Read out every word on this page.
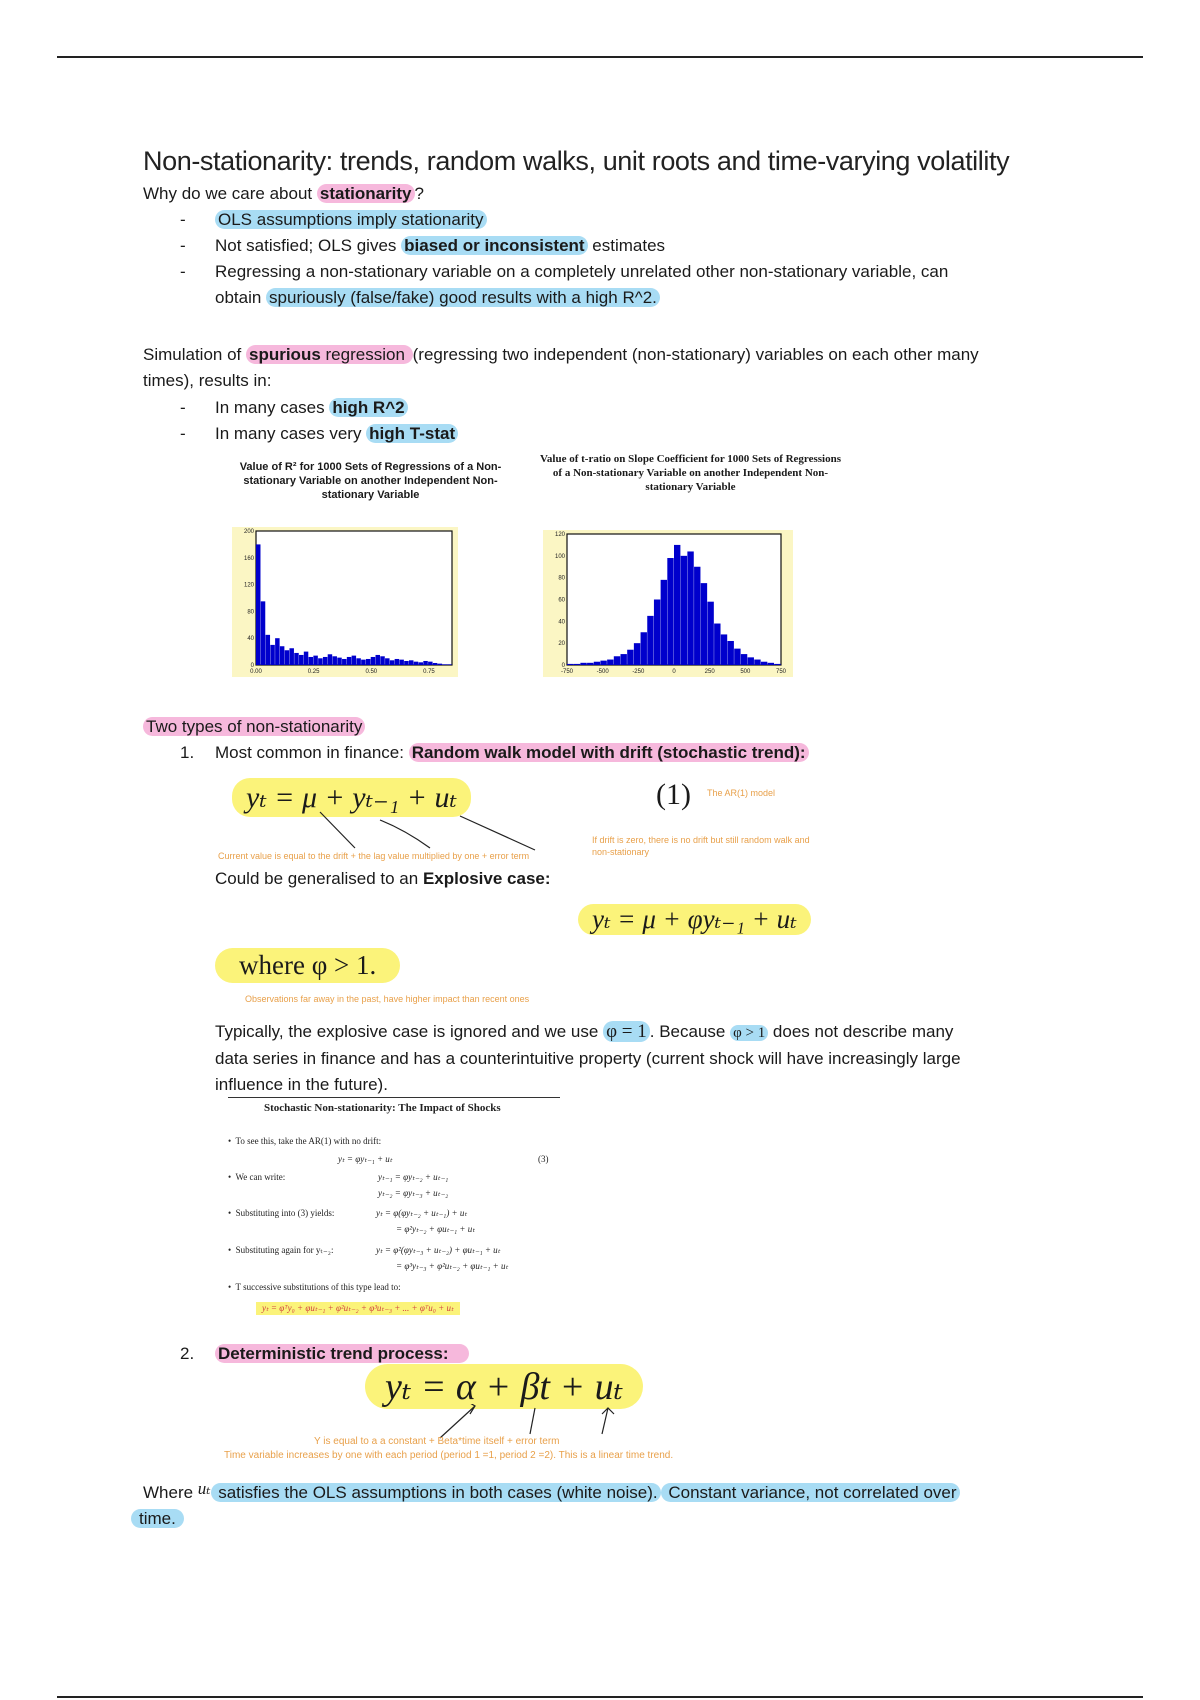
Non-stationarity: trends, random walks, unit roots and time-varying volatility
Why do we care about stationarity ?
- OLS assumptions imply stationarity
- Not satisfied; OLS gives biased or inconsistent estimates
- Regressing a non-stationary variable on a completely unrelated other non-stationary variable, can
obtain spuriously (false/fake) good results with a high R^2.
Simulation of spurious regression (regressing two independent (non-stationary) variables on each other many
times), results in:
- In many cases high R^2
- In many cases very high T-stat
Value of R² for 1000 Sets of Regressions of a Non-stationary Variable on another Independent Non-stationary Variable
Value of t-ratio on Slope Coefficient for 1000 Sets of Regressions of a Non-stationary Variable on another Independent Non-stationary Variable
0
40
80
120
160
200
0.00	0.25	0.50	0.75
0
20
40
60
80
100
120
-750	-500	-250	0	250	500	750
Two types of non-stationarity
1. Most common in finance: Random walk model with drift (stochastic trend):
yₜ = μ + yₜ₋₁ + uₜ	(1) The AR(1) model
Current value is equal to the drift + the lag value multiplied by one + error term
If drift is zero, there is no drift but still random walk and non-stationary
Could be generalised to an Explosive case:
yₜ = μ + φyₜ₋₁ + uₜ
where φ > 1.
Observations far away in the past, have higher impact than recent ones
Typically, the explosive case is ignored and we use φ = 1 . Because φ > 1 does not describe many
data series in finance and has a counterintuitive property (current shock will have increasingly large
influence in the future).
Stochastic Non-stationarity: The Impact of Shocks
•  To see this, take the AR(1) with no drift:
yₜ = φyₜ₋₁ + uₜ	(3)
•  We can write:	yₜ₋₁ = φyₜ₋₂ + uₜ₋₁
yₜ₋₂ = φyₜ₋₃ + uₜ₋₂
•  Substituting into (3) yields:	yₜ = φ(φyₜ₋₂ + uₜ₋₁) + uₜ
= φ²yₜ₋₂ + φuₜ₋₁ + uₜ
•  Substituting again for yₜ₋₂:	yₜ = φ²(φyₜ₋₃ + uₜ₋₂) + φuₜ₋₁ + uₜ
= φ³yₜ₋₃ + φ²uₜ₋₂ + φuₜ₋₁ + uₜ
•  T successive substitutions of this type lead to:
yₜ = φᵀy₀ + φuₜ₋₁ + φ²uₜ₋₂ + φ³uₜ₋₃ + ... + φᵀu₀ + uₜ
2. Deterministic trend process:
yₜ = α + βt + uₜ
Y is equal to a a constant + Beta*time itself + error term
Time variable increases by one with each period (period 1 =1, period 2 =2). This is a linear time trend.
Where uₜ satisfies the OLS assumptions in both cases (white noise). Constant variance, not correlated over
time.
